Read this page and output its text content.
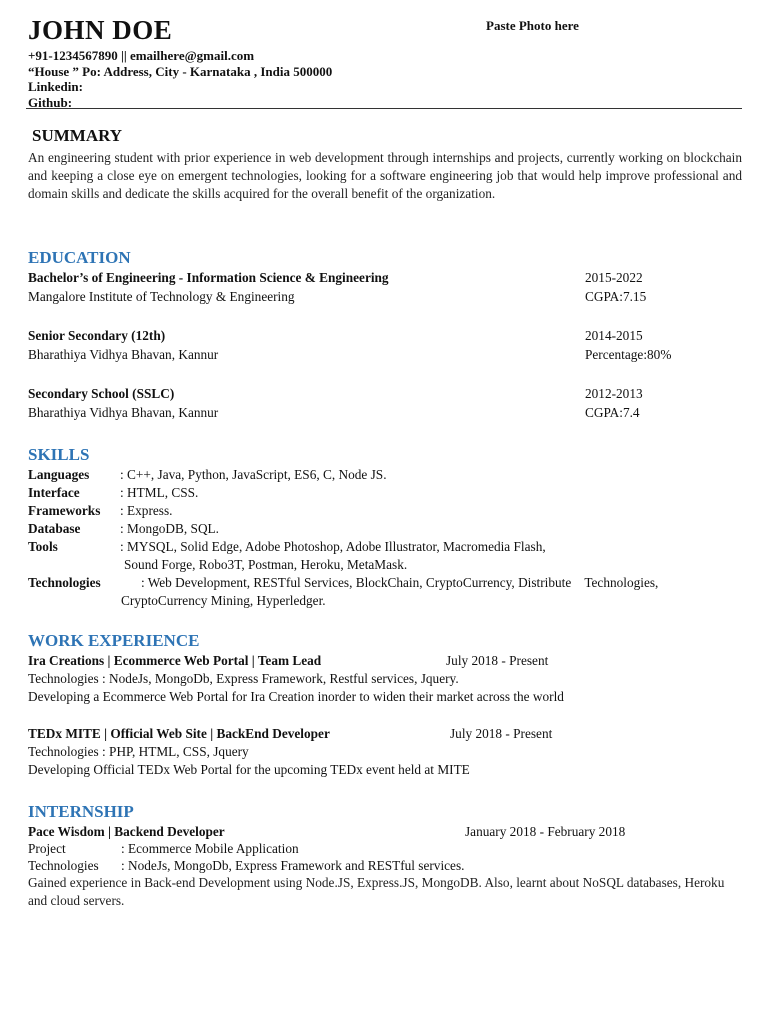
JOHN DOE	Paste Photo here
+91-1234567890 || emailhere@gmail.com
“House ” Po: Address, City - Karnataka , India 500000
Linkedin:
Github:
SUMMARY
An engineering student with prior experience in web development through internships and projects, currently working on blockchain and keeping a close eye on emergent technologies, looking for a software engineering job that would help improve professional and domain skills and dedicate the skills acquired for the overall benefit of the organization.
EDUCATION
Bachelor’s of Engineering - Information Science & Engineering	2015-2022
Mangalore Institute of Technology & Engineering	CGPA:7.15
Senior Secondary (12th)	2014-2015
Bharathiya Vidhya Bhavan, Kannur	Percentage:80%
Secondary School (SSLC)	2012-2013
Bharathiya Vidhya Bhavan, Kannur	CGPA:7.4
SKILLS
Languages : C++, Java, Python, JavaScript, ES6, C, Node JS.
Interface	: HTML, CSS.
Frameworks : Express.
Database	: MongoDB, SQL.
Tools	: MYSQL, Solid Edge, Adobe Photoshop, Adobe Illustrator, Macromedia Flash,
Sound Forge, Robo3T, Postman, Heroku, MetaMask.
Technologies	: Web Development, RESTful Services, BlockChain, CryptoCurrency, Distribute    Technologies,
CryptoCurrency Mining, Hyperledger.
WORK EXPERIENCE
Ira Creations | Ecommerce Web Portal | Team Lead	July 2018 - Present
Technologies : NodeJs, MongoDb, Express Framework, Restful services, Jquery.
Developing a Ecommerce Web Portal for Ira Creation inorder to widen their market across the world
TEDx MITE | Official Web Site | BackEnd Developer	July 2018 - Present
Technologies : PHP, HTML, CSS, Jquery
Developing Official TEDx Web Portal for the upcoming TEDx event held at MITE
INTERNSHIP
Pace Wisdom | Backend Developer	January 2018 - February 2018
Project	: Ecommerce Mobile Application
Technologies : NodeJs, MongoDb, Express Framework and RESTful services.
Gained experience in Back-end Development using Node.JS, Express.JS, MongoDB. Also, learnt about NoSQL databases, Heroku and cloud servers.
